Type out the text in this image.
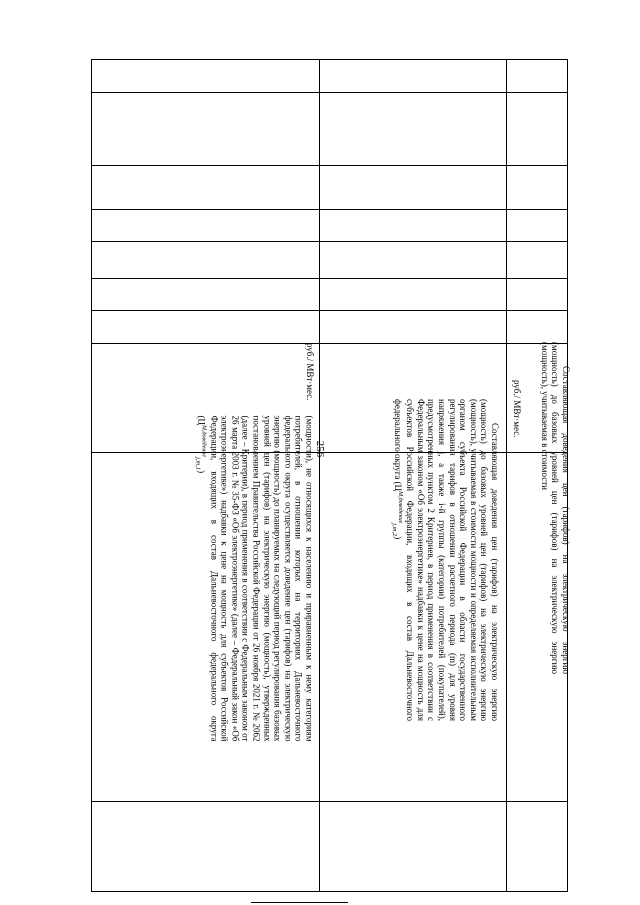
256
(мощности), не относящихся к населению и приравненным к нему категориям потребителей, в отношении которых на территориях Дальневосточного федерального округа осуществляется доведение цен (тарифов) на электрическую энергию (мощность) до планируемых на следующий период регулирования базовых уровней цен (тарифов) на электрическую энергию (мощность), утвержденных постановлением Правительства Российской Федерации от 26 ноября 2021 г. № 2062 (далее – Критерии), в период применения в соответствии с Федеральным законом от 26 марта 2003 г. № 35-ФЗ «Об электроэнергетике» (далее – Федеральный закон «Об электроэнергетике») надбавки к цене на мощность для субъектов Российской Федерации, входящих в состав Дальневосточного федерального округа $(Ц^{М,доведение}_{j,m,1})$	Составляющая доведения цен (тарифов) на электрическую энергию (мощность) до базовых уровней цен (тарифов) на электрическую энергию (мощность), учитываемая в стоимости мощности и определяемая исполнительным органом субъекта Российской Федерации в области государственного регулирования тарифов в отношении расчетного периода (m) для уровня напряжения j, а также i-й группы (категории) потребителей (покупателей), предусмотренных пунктом 2 Критериев, в период применения в соответствии с Федеральным законом «Об электроэнергетике» надбавки к цене на мощность для субъектов Российской Федерации, входящих в состав Дальневосточного федерального округа $(Ц^{М,доведение}_{j,m,2})$
руб./ МВт·мес.	Составляющая доведения цен (тарифов) на электрическую энергию (мощность) до базовых уровней цен (тарифов) на электрическую энергию (мощность), учитываемая в стоимости
руб./ МВт·мес.
